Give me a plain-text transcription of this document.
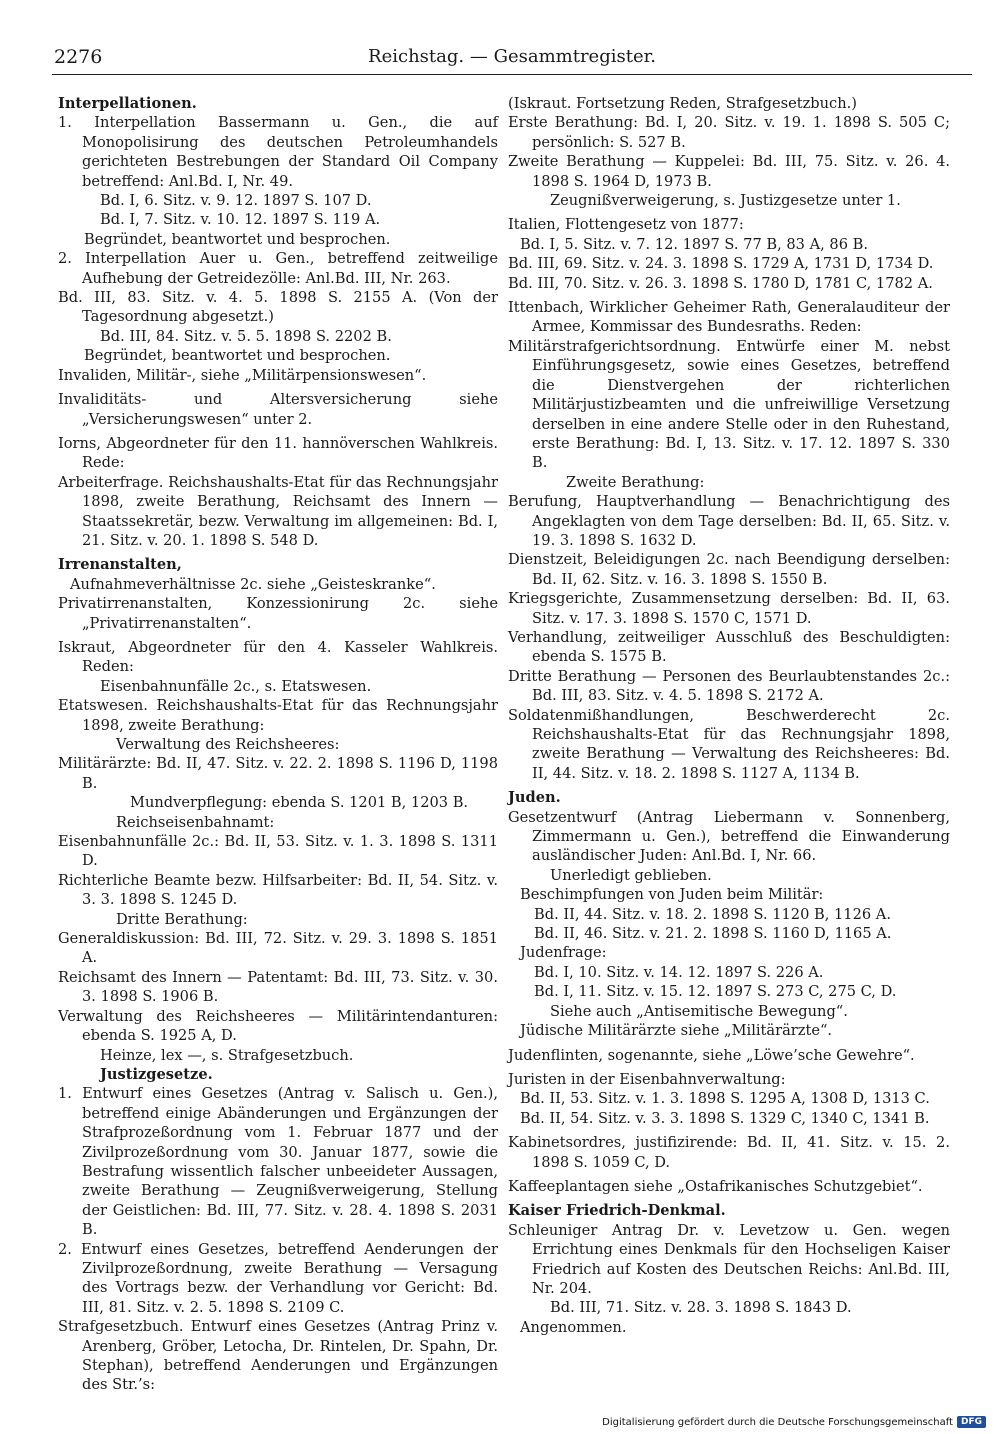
2276	Reichstag. — Gesammtregister.
Interpellationen.
1. Interpellation Bassermann u. Gen., die auf Monopolisirung des deutschen Petroleumhandels gerichteten Bestrebungen der Standard Oil Company betreffend: Anl.Bd. I, Nr. 49.
Bd. I, 6. Sitz. v. 9. 12. 1897 S. 107 D.
Bd. I, 7. Sitz. v. 10. 12. 1897 S. 119 A.
Begründet, beantwortet und besprochen.
2. Interpellation Auer u. Gen., betreffend zeitweilige Aufhebung der Getreidezölle: Anl.Bd. III, Nr. 263.
Bd. III, 83. Sitz. v. 4. 5. 1898 S. 2155 A. (Von der Tagesordnung abgesetzt.)
Bd. III, 84. Sitz. v. 5. 5. 1898 S. 2202 B.
Begründet, beantwortet und besprochen.
Invaliden, Militär-, siehe „Militärpensionswesen“.
Invaliditäts- und Altersversicherung siehe „Versicherungswesen“ unter 2.
Iorns, Abgeordneter für den 11. hannöverschen Wahlkreis. Rede:
Arbeiterfrage. Reichshaushalts-Etat für das Rechnungsjahr 1898, zweite Berathung, Reichsamt des Innern — Staatssekretär, bezw. Verwaltung im allgemeinen: Bd. I, 21. Sitz. v. 20. 1. 1898 S. 548 D.
Irrenanstalten,
Aufnahmeverhältnisse 2c. siehe „Geisteskranke“.
Privatirrenanstalten, Konzessionirung 2c. siehe „Privatirrenanstalten“.
Iskraut, Abgeordneter für den 4. Kasseler Wahlkreis. Reden:
Eisenbahnunfälle 2c., s. Etatswesen.
Etatswesen. Reichshaushalts-Etat für das Rechnungsjahr 1898, zweite Berathung:
Verwaltung des Reichsheeres:
Militärärzte: Bd. II, 47. Sitz. v. 22. 2. 1898 S. 1196 D, 1198 B.
Mundverpflegung: ebenda S. 1201 B, 1203 B.
Reichseisenbahnamt:
Eisenbahnunfälle 2c.: Bd. II, 53. Sitz. v. 1. 3. 1898 S. 1311 D.
Richterliche Beamte bezw. Hilfsarbeiter: Bd. II, 54. Sitz. v. 3. 3. 1898 S. 1245 D.
Dritte Berathung:
Generaldiskussion: Bd. III, 72. Sitz. v. 29. 3. 1898 S. 1851 A.
Reichsamt des Innern — Patentamt: Bd. III, 73. Sitz. v. 30. 3. 1898 S. 1906 B.
Verwaltung des Reichsheeres — Militärintendanturen: ebenda S. 1925 A, D.
Heinze, lex —, s. Strafgesetzbuch.
Justizgesetze.
1. Entwurf eines Gesetzes (Antrag v. Salisch u. Gen.), betreffend einige Abänderungen und Ergänzungen der Strafprozeßordnung vom 1. Februar 1877 und der Zivilprozeßordnung vom 30. Januar 1877, sowie die Bestrafung wissentlich falscher unbeeideter Aussagen, zweite Berathung — Zeugnißverweigerung, Stellung der Geistlichen: Bd. III, 77. Sitz. v. 28. 4. 1898 S. 2031 B.
2. Entwurf eines Gesetzes, betreffend Aenderungen der Zivilprozeßordnung, zweite Berathung — Versagung des Vortrags bezw. der Verhandlung vor Gericht: Bd. III, 81. Sitz. v. 2. 5. 1898 S. 2109 C.
Strafgesetzbuch. Entwurf eines Gesetzes (Antrag Prinz v. Arenberg, Gröber, Letocha, Dr. Rintelen, Dr. Spahn, Dr. Stephan), betreffend Aenderungen und Ergänzungen des Str.’s:
(Iskraut. Fortsetzung Reden, Strafgesetzbuch.)
Erste Berathung: Bd. I, 20. Sitz. v. 19. 1. 1898 S. 505 C; persönlich: S. 527 B.
Zweite Berathung — Kuppelei: Bd. III, 75. Sitz. v. 26. 4. 1898 S. 1964 D, 1973 B.
Zeugnißverweigerung, s. Justizgesetze unter 1.
Italien, Flottengesetz von 1877:
Bd. I, 5. Sitz. v. 7. 12. 1897 S. 77 B, 83 A, 86 B.
Bd. III, 69. Sitz. v. 24. 3. 1898 S. 1729 A, 1731 D, 1734 D.
Bd. III, 70. Sitz. v. 26. 3. 1898 S. 1780 D, 1781 C, 1782 A.
Ittenbach, Wirklicher Geheimer Rath, Generalauditeur der Armee, Kommissar des Bundesraths. Reden:
Militärstrafgerichtsordnung. Entwürfe einer M. nebst Einführungsgesetz, sowie eines Gesetzes, betreffend die Dienstvergehen der richterlichen Militärjustizbeamten und die unfreiwillige Versetzung derselben in eine andere Stelle oder in den Ruhestand, erste Berathung: Bd. I, 13. Sitz. v. 17. 12. 1897 S. 330 B.
Zweite Berathung:
Berufung, Hauptverhandlung — Benachrichtigung des Angeklagten von dem Tage derselben: Bd. II, 65. Sitz. v. 19. 3. 1898 S. 1632 D.
Dienstzeit, Beleidigungen 2c. nach Beendigung derselben: Bd. II, 62. Sitz. v. 16. 3. 1898 S. 1550 B.
Kriegsgerichte, Zusammensetzung derselben: Bd. II, 63. Sitz. v. 17. 3. 1898 S. 1570 C, 1571 D.
Verhandlung, zeitweiliger Ausschluß des Beschuldigten: ebenda S. 1575 B.
Dritte Berathung — Personen des Beurlaubtenstandes 2c.: Bd. III, 83. Sitz. v. 4. 5. 1898 S. 2172 A.
Soldatenmißhandlungen, Beschwerderecht 2c. Reichshaushalts-Etat für das Rechnungsjahr 1898, zweite Berathung — Verwaltung des Reichsheeres: Bd. II, 44. Sitz. v. 18. 2. 1898 S. 1127 A, 1134 B.
Juden.
Gesetzentwurf (Antrag Liebermann v. Sonnenberg, Zimmermann u. Gen.), betreffend die Einwanderung ausländischer Juden: Anl.Bd. I, Nr. 66.
Unerledigt geblieben.
Beschimpfungen von Juden beim Militär:
Bd. II, 44. Sitz. v. 18. 2. 1898 S. 1120 B, 1126 A.
Bd. II, 46. Sitz. v. 21. 2. 1898 S. 1160 D, 1165 A.
Judenfrage:
Bd. I, 10. Sitz. v. 14. 12. 1897 S. 226 A.
Bd. I, 11. Sitz. v. 15. 12. 1897 S. 273 C, 275 C, D.
Siehe auch „Antisemitische Bewegung“.
Jüdische Militärärzte siehe „Militärärzte“.
Judenflinten, sogenannte, siehe „Löwe’sche Gewehre“.
Juristen in der Eisenbahnverwaltung:
Bd. II, 53. Sitz. v. 1. 3. 1898 S. 1295 A, 1308 D, 1313 C.
Bd. II, 54. Sitz. v. 3. 3. 1898 S. 1329 C, 1340 C, 1341 B.
Kabinetsordres, justifizirende: Bd. II, 41. Sitz. v. 15. 2. 1898 S. 1059 C, D.
Kaffeeplantagen siehe „Ostafrikanisches Schutzgebiet“.
Kaiser Friedrich-Denkmal.
Schleuniger Antrag Dr. v. Levetzow u. Gen. wegen Errichtung eines Denkmals für den Hochseligen Kaiser Friedrich auf Kosten des Deutschen Reichs: Anl.Bd. III, Nr. 204.
Bd. III, 71. Sitz. v. 28. 3. 1898 S. 1843 D.
Angenommen.
Digitalisierung gefördert durch die Deutsche Forschungsgemeinschaft DFG
